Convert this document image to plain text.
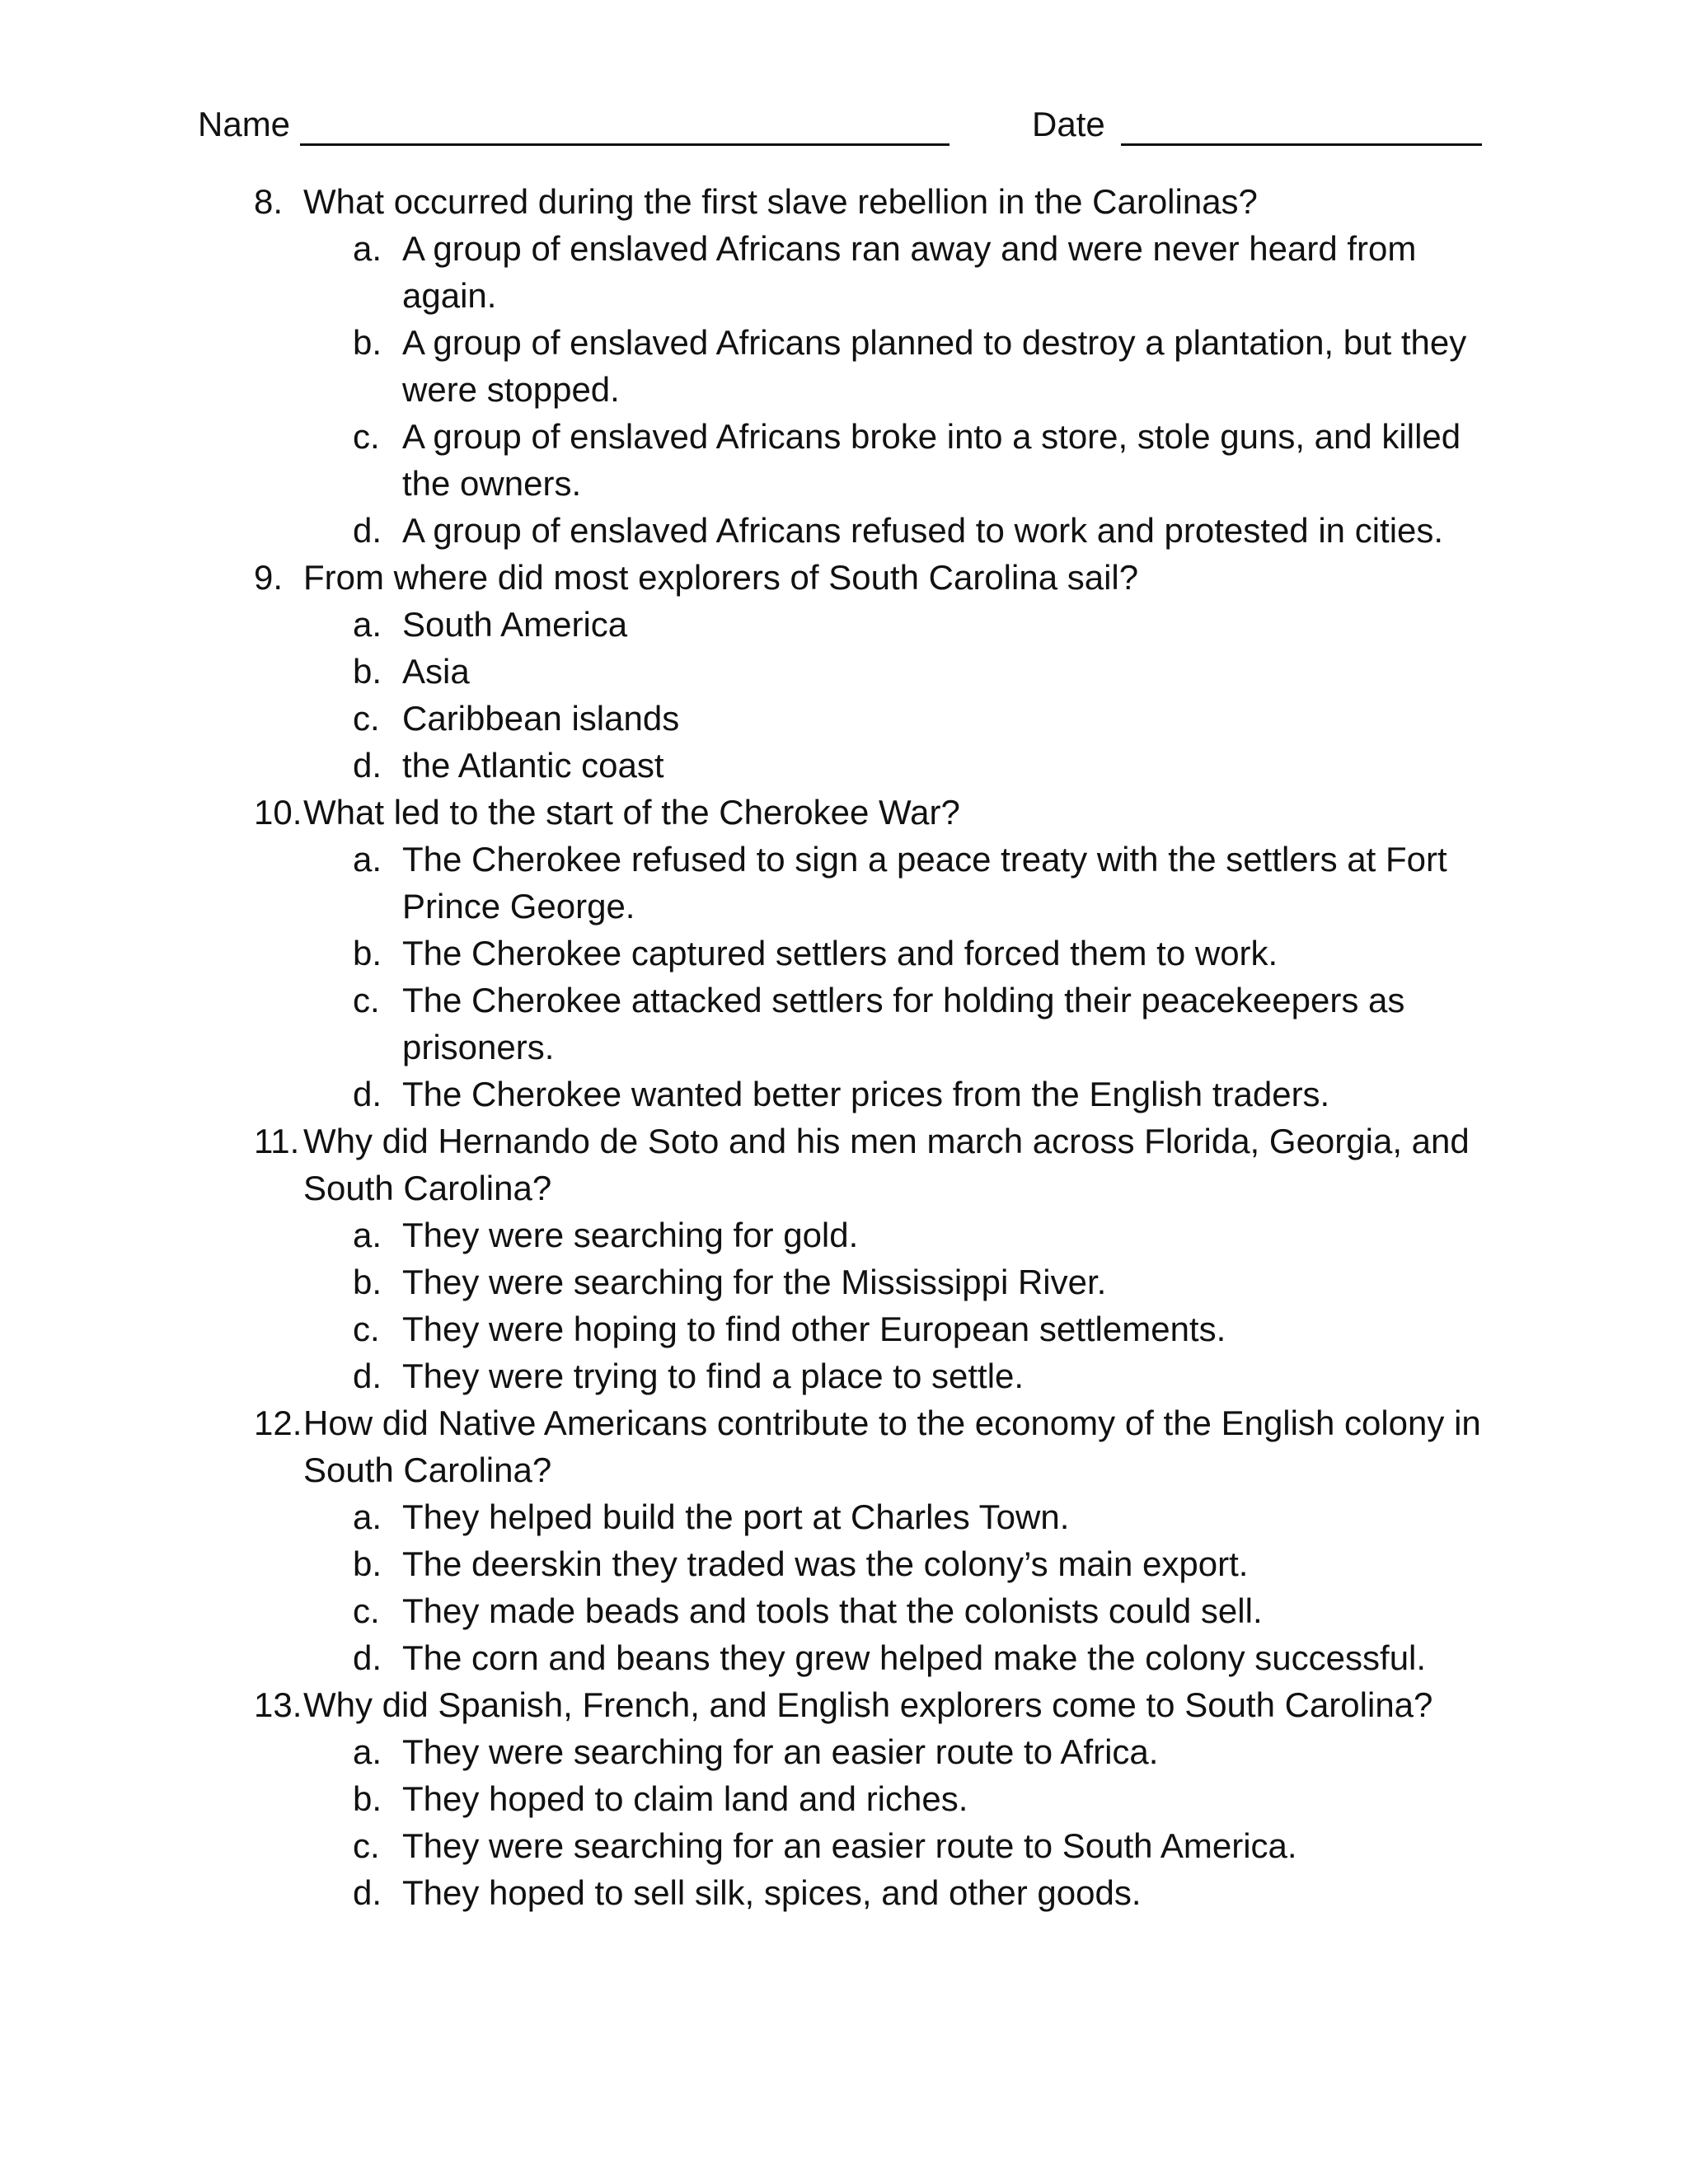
Name	Date
8. What occurred during the first slave rebellion in the Carolinas?
a. A group of enslaved Africans ran away and were never heard from again.
b. A group of enslaved Africans planned to destroy a plantation, but they were stopped.
c. A group of enslaved Africans broke into a store, stole guns, and killed the owners.
d. A group of enslaved Africans refused to work and protested in cities.
9. From where did most explorers of South Carolina sail?
a. South America
b. Asia
c. Caribbean islands
d. the Atlantic coast
10. What led to the start of the Cherokee War?
a. The Cherokee refused to sign a peace treaty with the settlers at Fort Prince George.
b. The Cherokee captured settlers and forced them to work.
c. The Cherokee attacked settlers for holding their peacekeepers as prisoners.
d. The Cherokee wanted better prices from the English traders.
11. Why did Hernando de Soto and his men march across Florida, Georgia, and South Carolina?
a. They were searching for gold.
b. They were searching for the Mississippi River.
c. They were hoping to find other European settlements.
d. They were trying to find a place to settle.
12. How did Native Americans contribute to the economy of the English colony in South Carolina?
a. They helped build the port at Charles Town.
b. The deerskin they traded was the colony’s main export.
c. They made beads and tools that the colonists could sell.
d. The corn and beans they grew helped make the colony successful.
13. Why did Spanish, French, and English explorers come to South Carolina?
a. They were searching for an easier route to Africa.
b. They hoped to claim land and riches.
c. They were searching for an easier route to South America.
d. They hoped to sell silk, spices, and other goods.
